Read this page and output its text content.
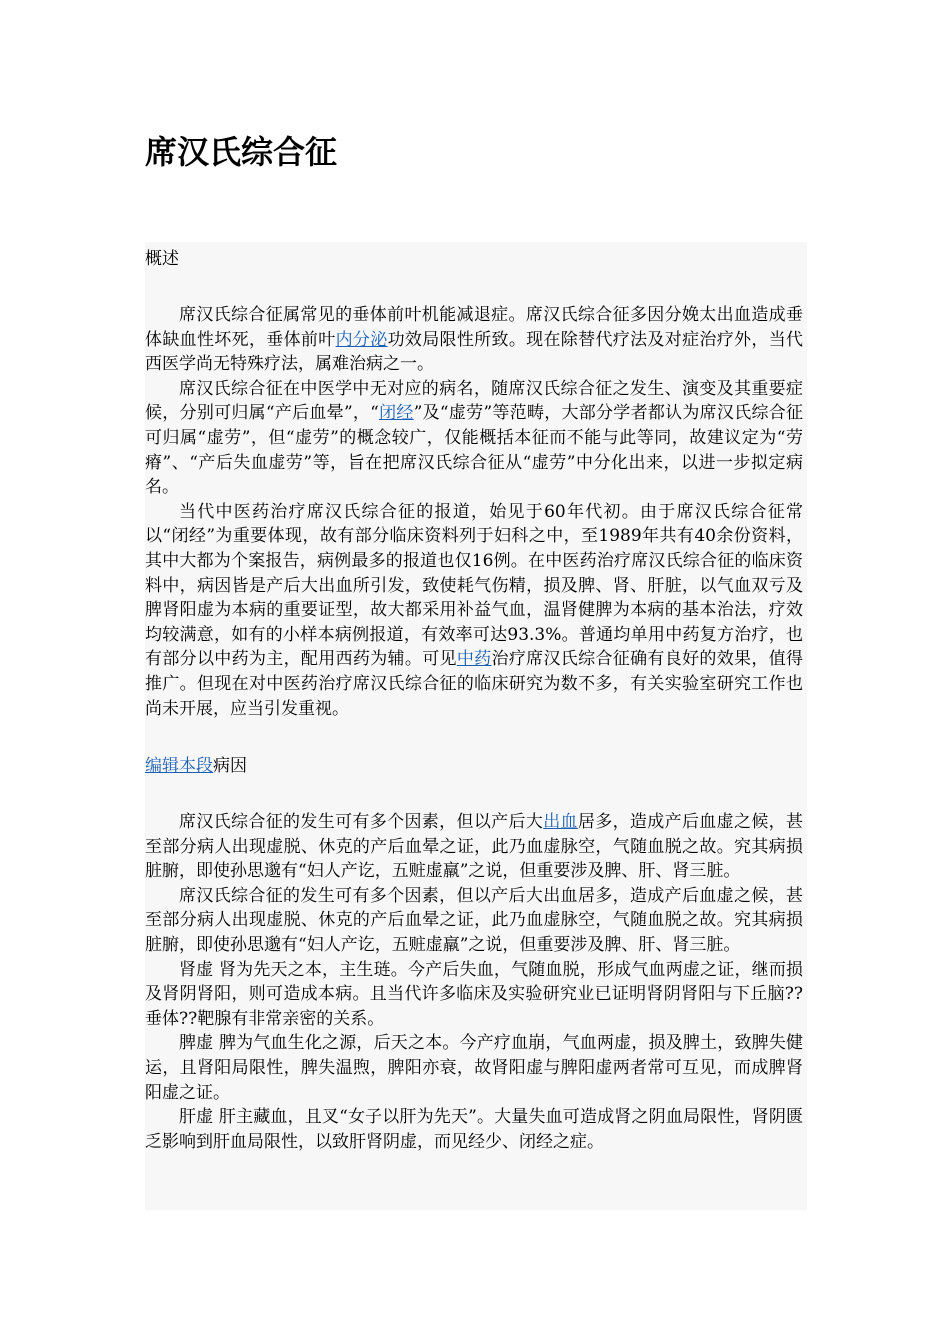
席汉氏综合征
概述

席汉氏综合征属常见的垂体前叶机能减退症。席汉氏综合征多因分娩太出血造成垂体缺血性坏死，垂体前叶内分泌功效局限性所致。现在除替代疗法及对症治疗外，当代西医学尚无特殊疗法，属难治病之一。

席汉氏综合征在中医学中无对应的病名，随席汉氏综合征之发生、演变及其重要症候，分别可归属“产后血晕”，“闭经”及“虚劳”等范畴，大部分学者都认为席汉氏综合征可归属“虚劳”，但“虚劳”的概念较广，仅能概括本征而不能与此等同，故建议定为“劳瘠”、“产后失血虚劳”等，旨在把席汉氏综合征从“虚劳”中分化出来，以进一步拟定病名。

当代中医药治疗席汉氏综合征的报道，始见于60年代初。由于席汉氏综合征常以“闭经”为重要体现，故有部分临床资料列于妇科之中，至1989年共有40余份资料，其中大都为个案报告，病例最多的报道也仅16例。在中医药治疗席汉氏综合征的临床资料中，病因皆是产后大出血所引发，致使耗气伤精，损及脾、肾、肝脏，以气血双亏及脾肾阳虚为本病的重要证型，故大都采用补益气血，温肾健脾为本病的基本治法，疗效均较满意，如有的小样本病例报道，有效率可达93.3%。普通均单用中药复方治疗，也有部分以中药为主，配用西药为辅。可见中药治疗席汉氏综合征确有良好的效果，值得推广。但现在对中医药治疗席汉氏综合征的临床研究为数不多，有关实验室研究工作也尚未开展，应当引发重视。

编辑本段病因

席汉氏综合征的发生可有多个因素，但以产后大出血居多，造成产后血虚之候，甚至部分病人出现虚脱、休克的产后血晕之证，此乃血虚脉空，气随血脱之故。究其病损脏腑，即使孙思邈有“妇人产讫，五赃虚羸”之说，但重要涉及脾、肝、肾三脏。

席汉氏综合征的发生可有多个因素，但以产后大出血居多，造成产后血虚之候，甚至部分病人出现虚脱、休克的产后血晕之证，此乃血虚脉空，气随血脱之故。究其病损脏腑，即使孙思邈有“妇人产讫，五赃虚羸”之说，但重要涉及脾、肝、肾三脏。

肾虚 肾为先天之本，主生琏。今产后失血，气随血脱，形成气血两虚之证，继而损及肾阴肾阳，则可造成本病。且当代许多临床及实验研究业已证明肾阴肾阳与下丘脑??垂体??靶腺有非常亲密的关系。

脾虚 脾为气血生化之源，后天之本。今产疗血崩，气血两虚，损及脾土，致脾失健运，且肾阳局限性，脾失温煦，脾阳亦衰，故肾阳虚与脾阳虚两者常可互见，而成脾肾阳虚之证。

肝虚 肝主藏血，且叉“女子以肝为先天”。大量失血可造成肾之阴血局限性，肾阴匮乏影响到肝血局限性，以致肝肾阴虚，而见经少、闭经之症。
